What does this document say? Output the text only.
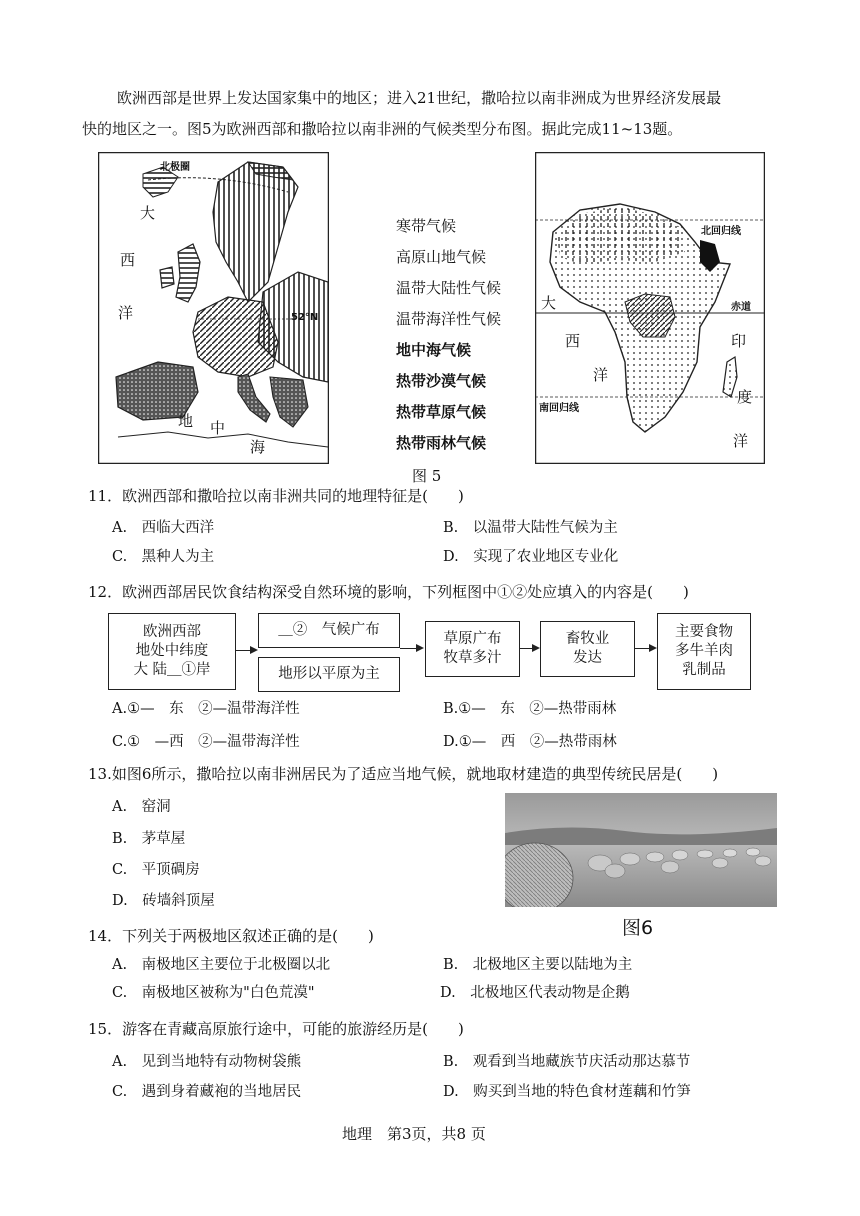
欧洲西部是世界上发达国家集中的地区；进入21世纪，撒哈拉以南非洲成为世界经济发展最
快的地区之一。图5为欧洲西部和撒哈拉以南非洲的气候类型分布图。据此完成11~13题。
北极圈
大
西
洋	52°N
地 中
海
寒带气候
高原山地气候
温带大陆性气候
温带海洋性气候
地中海气候
热带沙漠气候
热带草原气候
热带雨林气候
北回归线
赤道
南回归线
大
西
洋
印
度
洋
图 5
11．欧洲西部和撒哈拉以南非洲共同的地理特征是(　　)
A.　西临大西洋	B.　以温带大陆性气候为主
C.　黑种人为主	D.　实现了农业地区专业化
12．欧洲西部居民饮食结构深受自然环境的影响，下列框图中①②处应填入的内容是(　　)
欧洲西部
地处中纬度
大 陆＿①岸
＿②　气候广布
地形以平原为主
草原广布
牧草多汁
畜牧业
发达
主要食物
多牛羊肉
乳制品
A.①—　东　②—温带海洋性	B.①—　东　②—热带雨林
C.①　—西　②—温带海洋性	D.①—　西　②—热带雨林
13.如图6所示，撒哈拉以南非洲居民为了适应当地气候，就地取材建造的典型传统民居是(　　)
A.　窑洞
B.　茅草屋
C.　平顶碉房
D.　砖墙斜顶屋
图6
14．下列关于两极地区叙述正确的是(　　)
A.　南极地区主要位于北极圈以北	B.　北极地区主要以陆地为主
C.　南极地区被称为"白色荒漠"	D.　北极地区代表动物是企鹅
15．游客在青藏高原旅行途中，可能的旅游经历是(　　)
A.　见到当地特有动物树袋熊	B.　观看到当地藏族节庆活动那达慕节
C.　遇到身着藏袍的当地居民	D.　购买到当地的特色食材莲藕和竹笋
地理　第3页，共8 页
